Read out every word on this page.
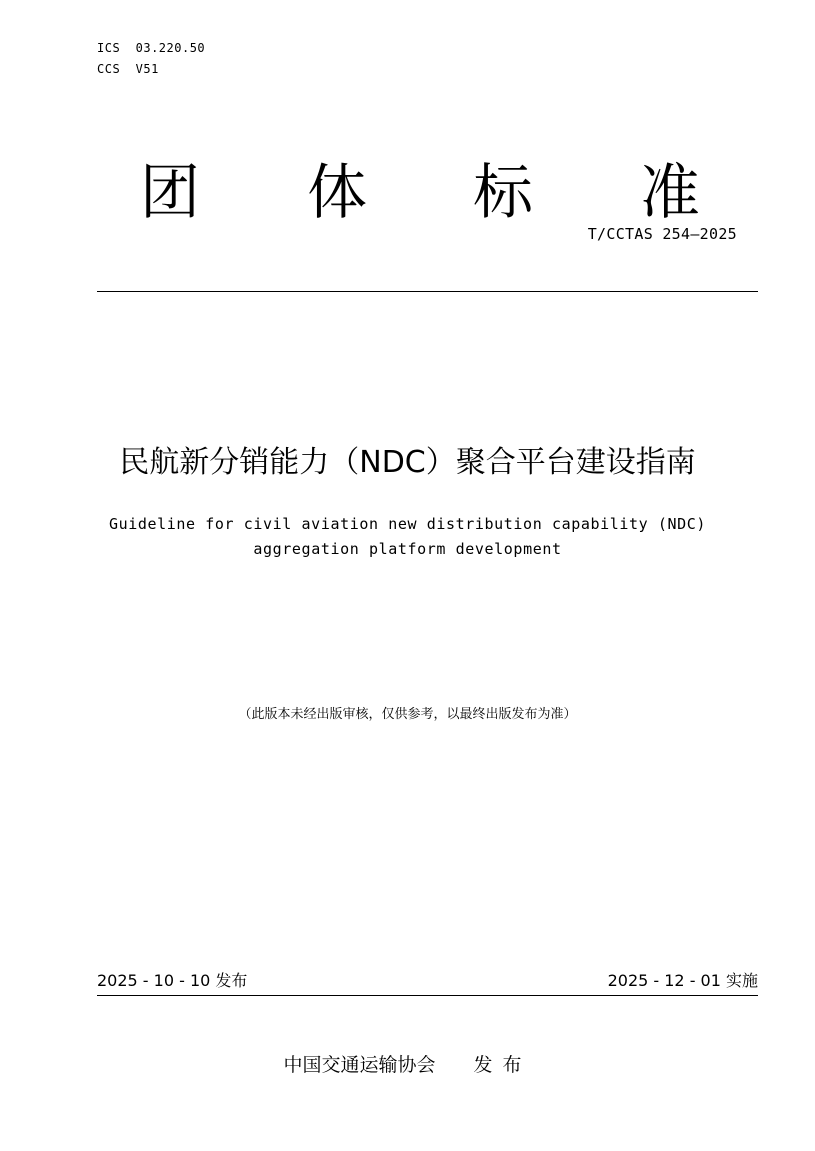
ICS  03.220.50
CCS  V51
团 体 标 准
T/CCTAS 254—2025
民航新分销能力（NDC）聚合平台建设指南
Guideline for civil aviation new distribution capability (NDC)
aggregation platform development
（此版本未经出版审核，仅供参考，以最终出版发布为准）
2025 - 10 - 10 发布	2025 - 12 - 01 实施
中国交通运输协会 发布
